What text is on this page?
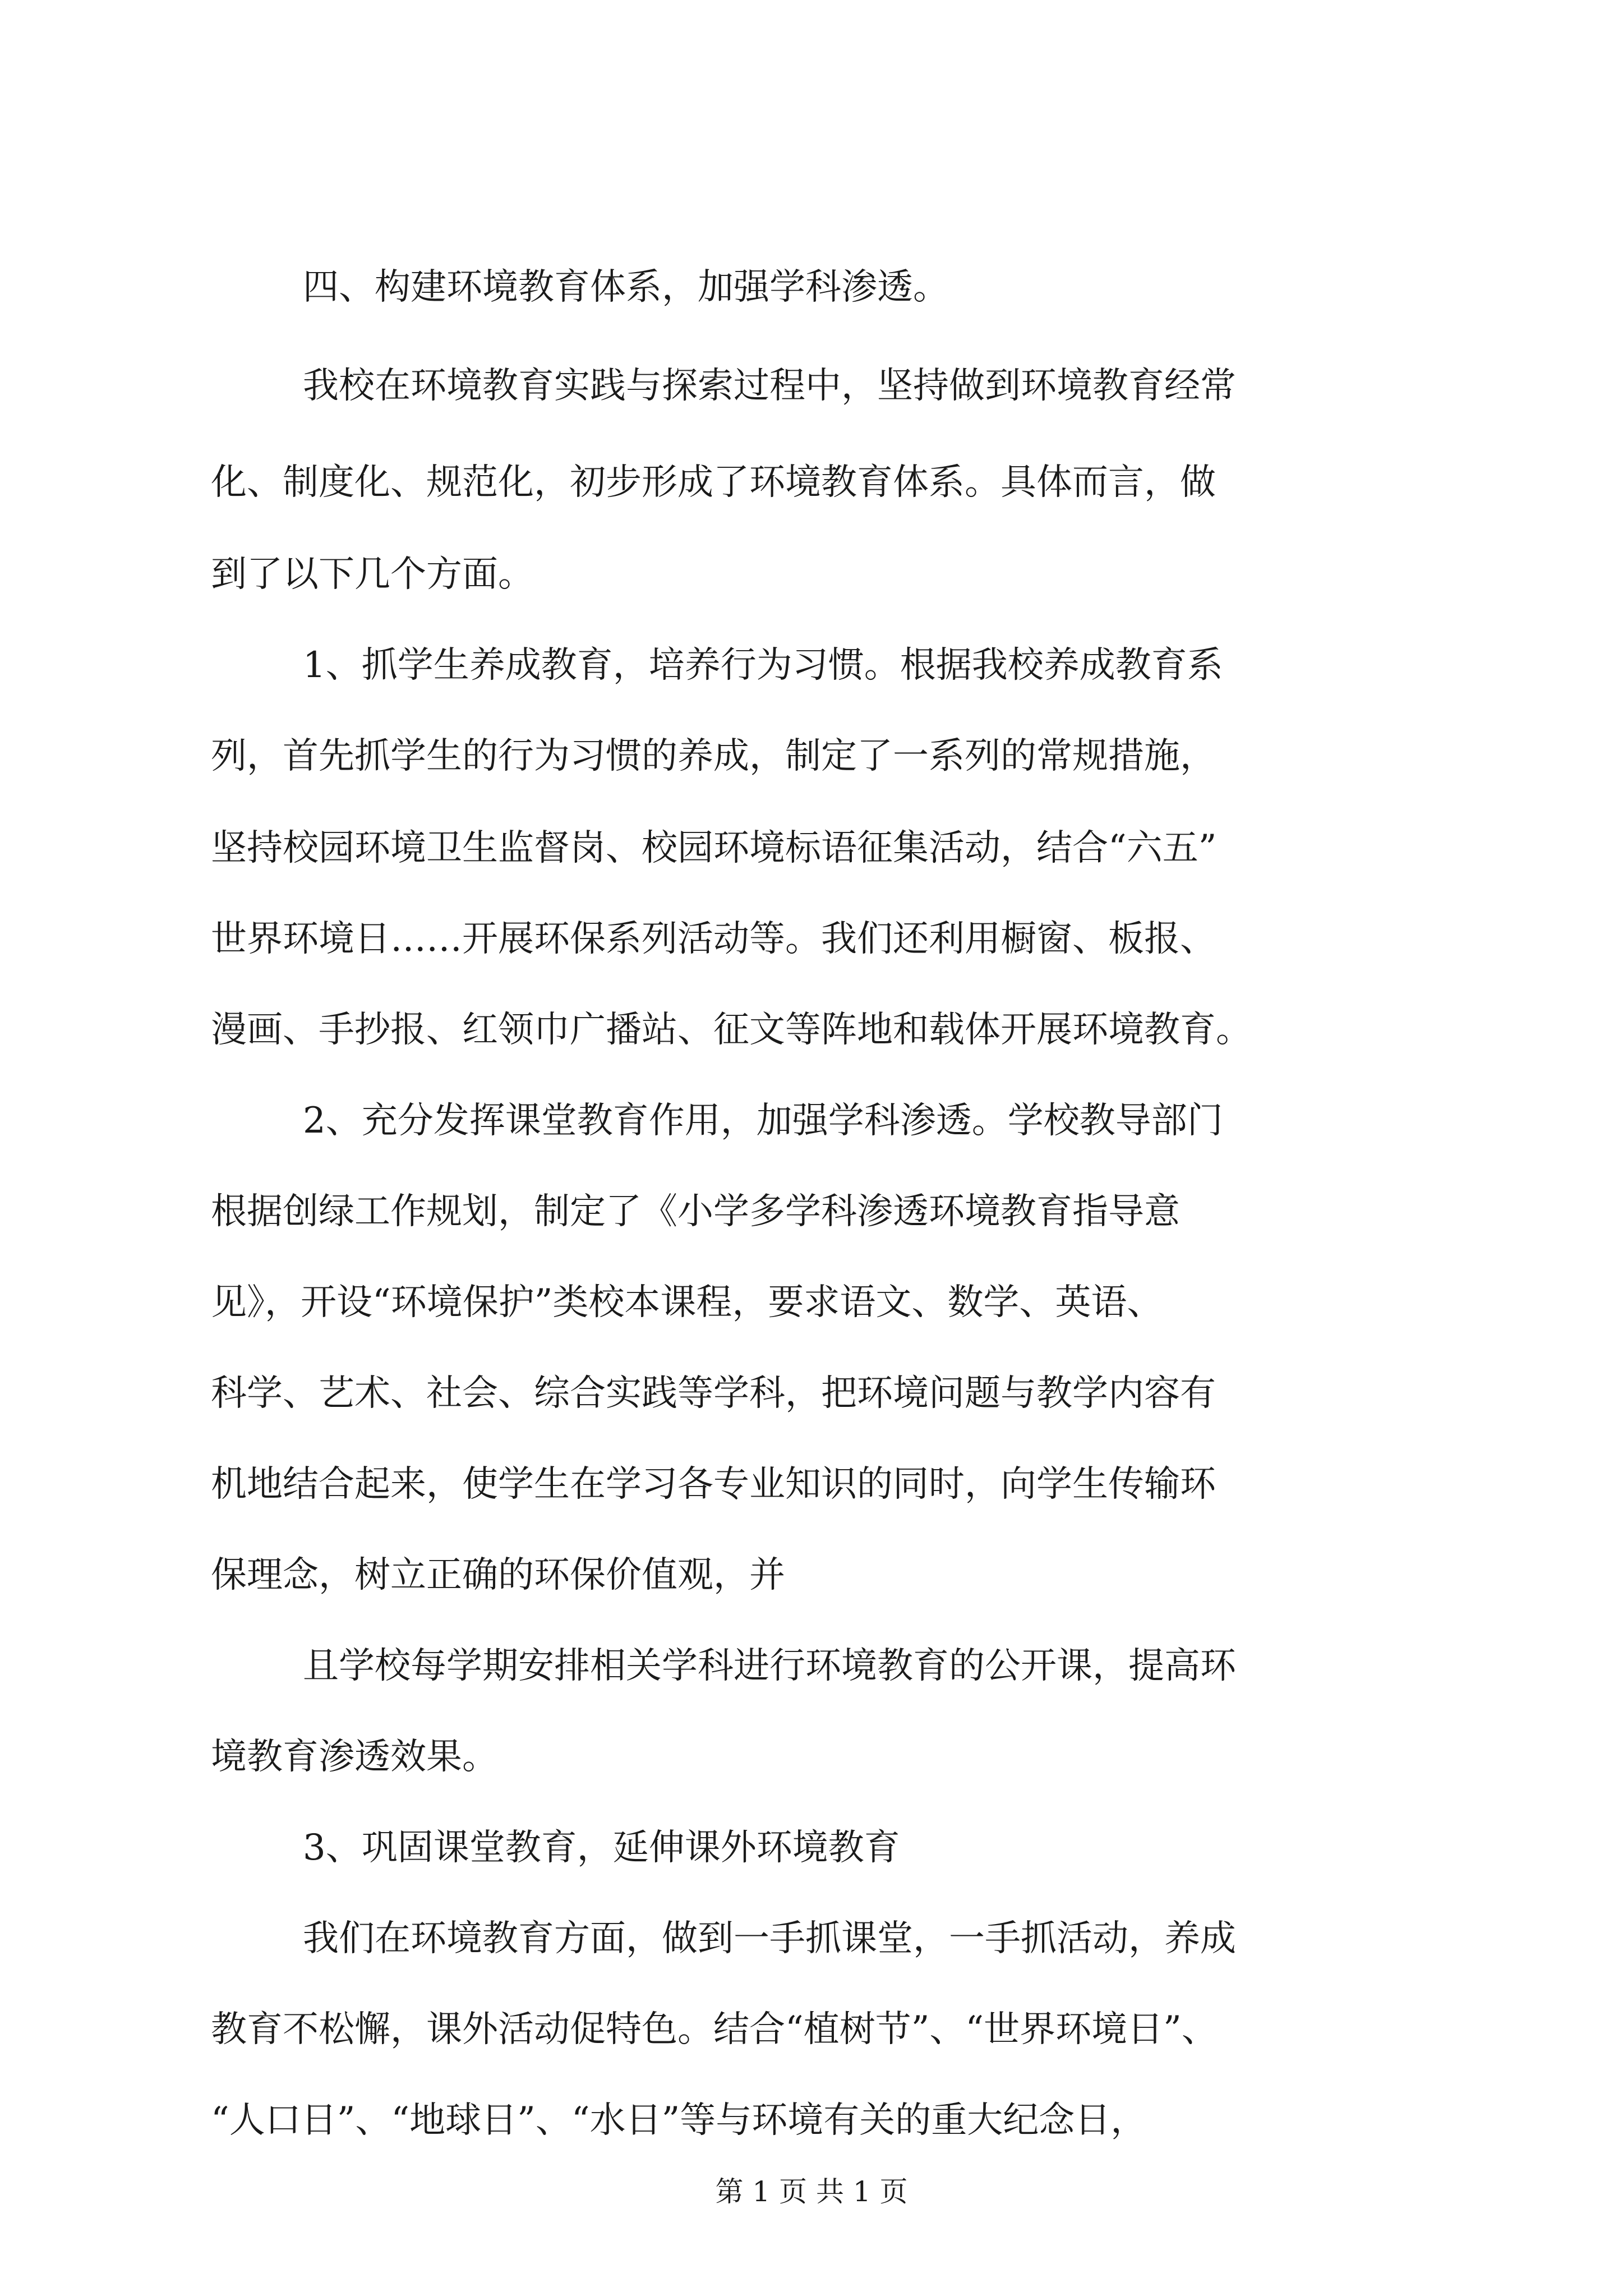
四、构建环境教育体系，加强学科渗透。

我校在环境教育实践与探索过程中，坚持做到环境教育经常

化、制度化、规范化，初步形成了环境教育体系。具体而言，做

到了以下几个方面。

1、抓学生养成教育，培养行为习惯。根据我校养成教育系

列，首先抓学生的行为习惯的养成，制定了一系列的常规措施，

坚持校园环境卫生监督岗、校园环境标语征集活动，结合“六五”

世界环境日……开展环保系列活动等。我们还利用橱窗、板报、

漫画、手抄报、红领巾广播站、征文等阵地和载体开展环境教育。

2、充分发挥课堂教育作用，加强学科渗透。学校教导部门

根据创绿工作规划，制定了《小学多学科渗透环境教育指导意

见》，开设“环境保护”类校本课程，要求语文、数学、英语、

科学、艺术、社会、综合实践等学科，把环境问题与教学内容有

机地结合起来，使学生在学习各专业知识的同时，向学生传输环

保理念，树立正确的环保价值观，并

且学校每学期安排相关学科进行环境教育的公开课，提高环

境教育渗透效果。

3、巩固课堂教育，延伸课外环境教育

我们在环境教育方面，做到一手抓课堂，一手抓活动，养成

教育不松懈，课外活动促特色。结合“植树节”、“世界环境日”、

“人口日”、“地球日”、“水日”等与环境有关的重大纪念日，

第 1 页 共 1 页
